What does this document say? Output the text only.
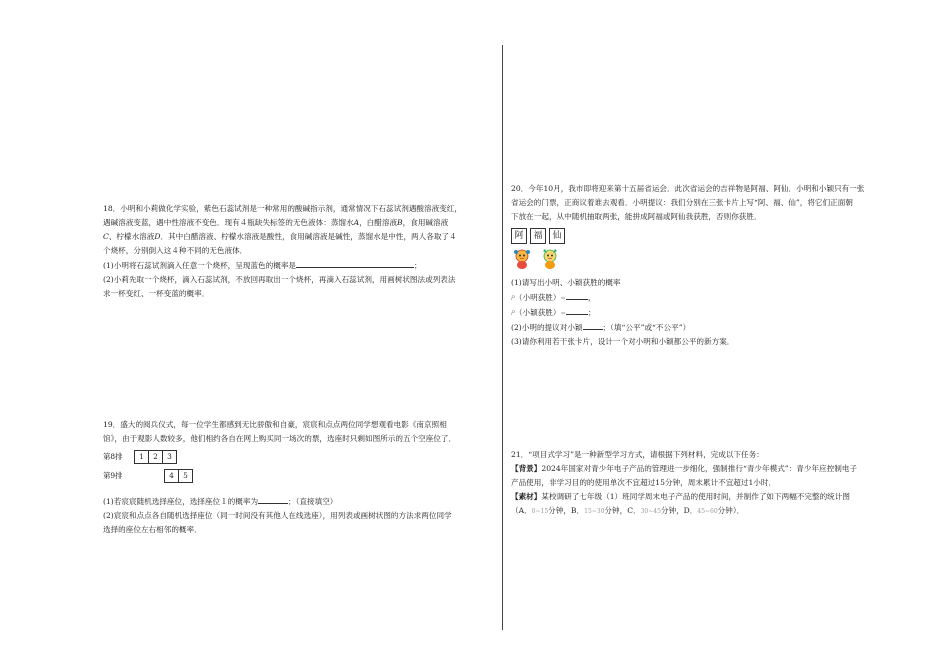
18．小明和小莉做化学实验，紫色石蕊试剂是一种常用的酸碱指示剂，通常情况下石蕊试剂遇酸溶液变红，

遇碱溶液变蓝，遇中性溶液不变色．现有４瓶缺失标签的无色液体：蒸馏水A，白醋溶液B，食用碱溶液

C、柠檬水溶液D．其中白醋溶液、柠檬水溶液是酸性，食用碱溶液是碱性，蒸馏水是中性，两人各取了４

个烧杯，分别倒入这４种不同的无色液体．

(1)小明将石蕊试剂滴入任意一个烧杯，呈现蓝色的概率是	；

(2)小莉先取一个烧杯，滴入石蕊试剂，不放回再取出一个烧杯，再滴入石蕊试剂，用画树状图法或列表法

求一杯变红、一杯变蓝的概率．

19．盛大的阅兵仪式，每一位学生都感到无比骄傲和自豪，宸宸和点点两位同学想观看电影《南京照相

馆》，由于观影人数较多，他们相约各自在网上购买同一场次的票，选座时只剩如图所示的五个空座位了．

第8排	1	2	3
第9排	4	5

(1)若宸宸随机选择座位，选择座位１的概率为	；（直接填空）

(2)宸宸和点点各自随机选择座位（同一时间没有其他人在线选座），用列表或画树状图的方法求两位同学

选择的座位左右相邻的概率．

20．今年10月，我市即将迎来第十五届省运会．此次省运会的吉祥物是阿福、阿仙．小明和小颖只有一张

省运会的门票，正商议着谁去观看．小明提议：我们分别在三张卡片上写“阿、福、仙”，将它们正面朝

下放在一起，从中随机抽取两张，能拼成阿福或阿仙我获胜，否则你获胜．

阿	福	仙

(1)请写出小明、小颖获胜的概率

P（小明获胜）=	，

P（小颖获胜）=	；

(2)小明的提议对小颖	；（填“公平”或“不公平”）

(3)请你利用若干张卡片，设计一个对小明和小颖都公平的新方案．

21．“项目式学习”是一种新型学习方式，请根据下列材料，完成以下任务：

【背景】2024年国家对青少年电子产品的管理进一步细化，强制推行“青少年模式”：青少年应控制电子

产品使用，非学习目的的使用单次不宜超过15分钟，周末累计不宜超过1小时．

【素材】某校调研了七年级（1）班同学周末电子产品的使用时间，并制作了如下两幅不完整的统计图

（A．0~15分钟，B．15~30分钟，C．30~45分钟，D．45~60分钟）．
